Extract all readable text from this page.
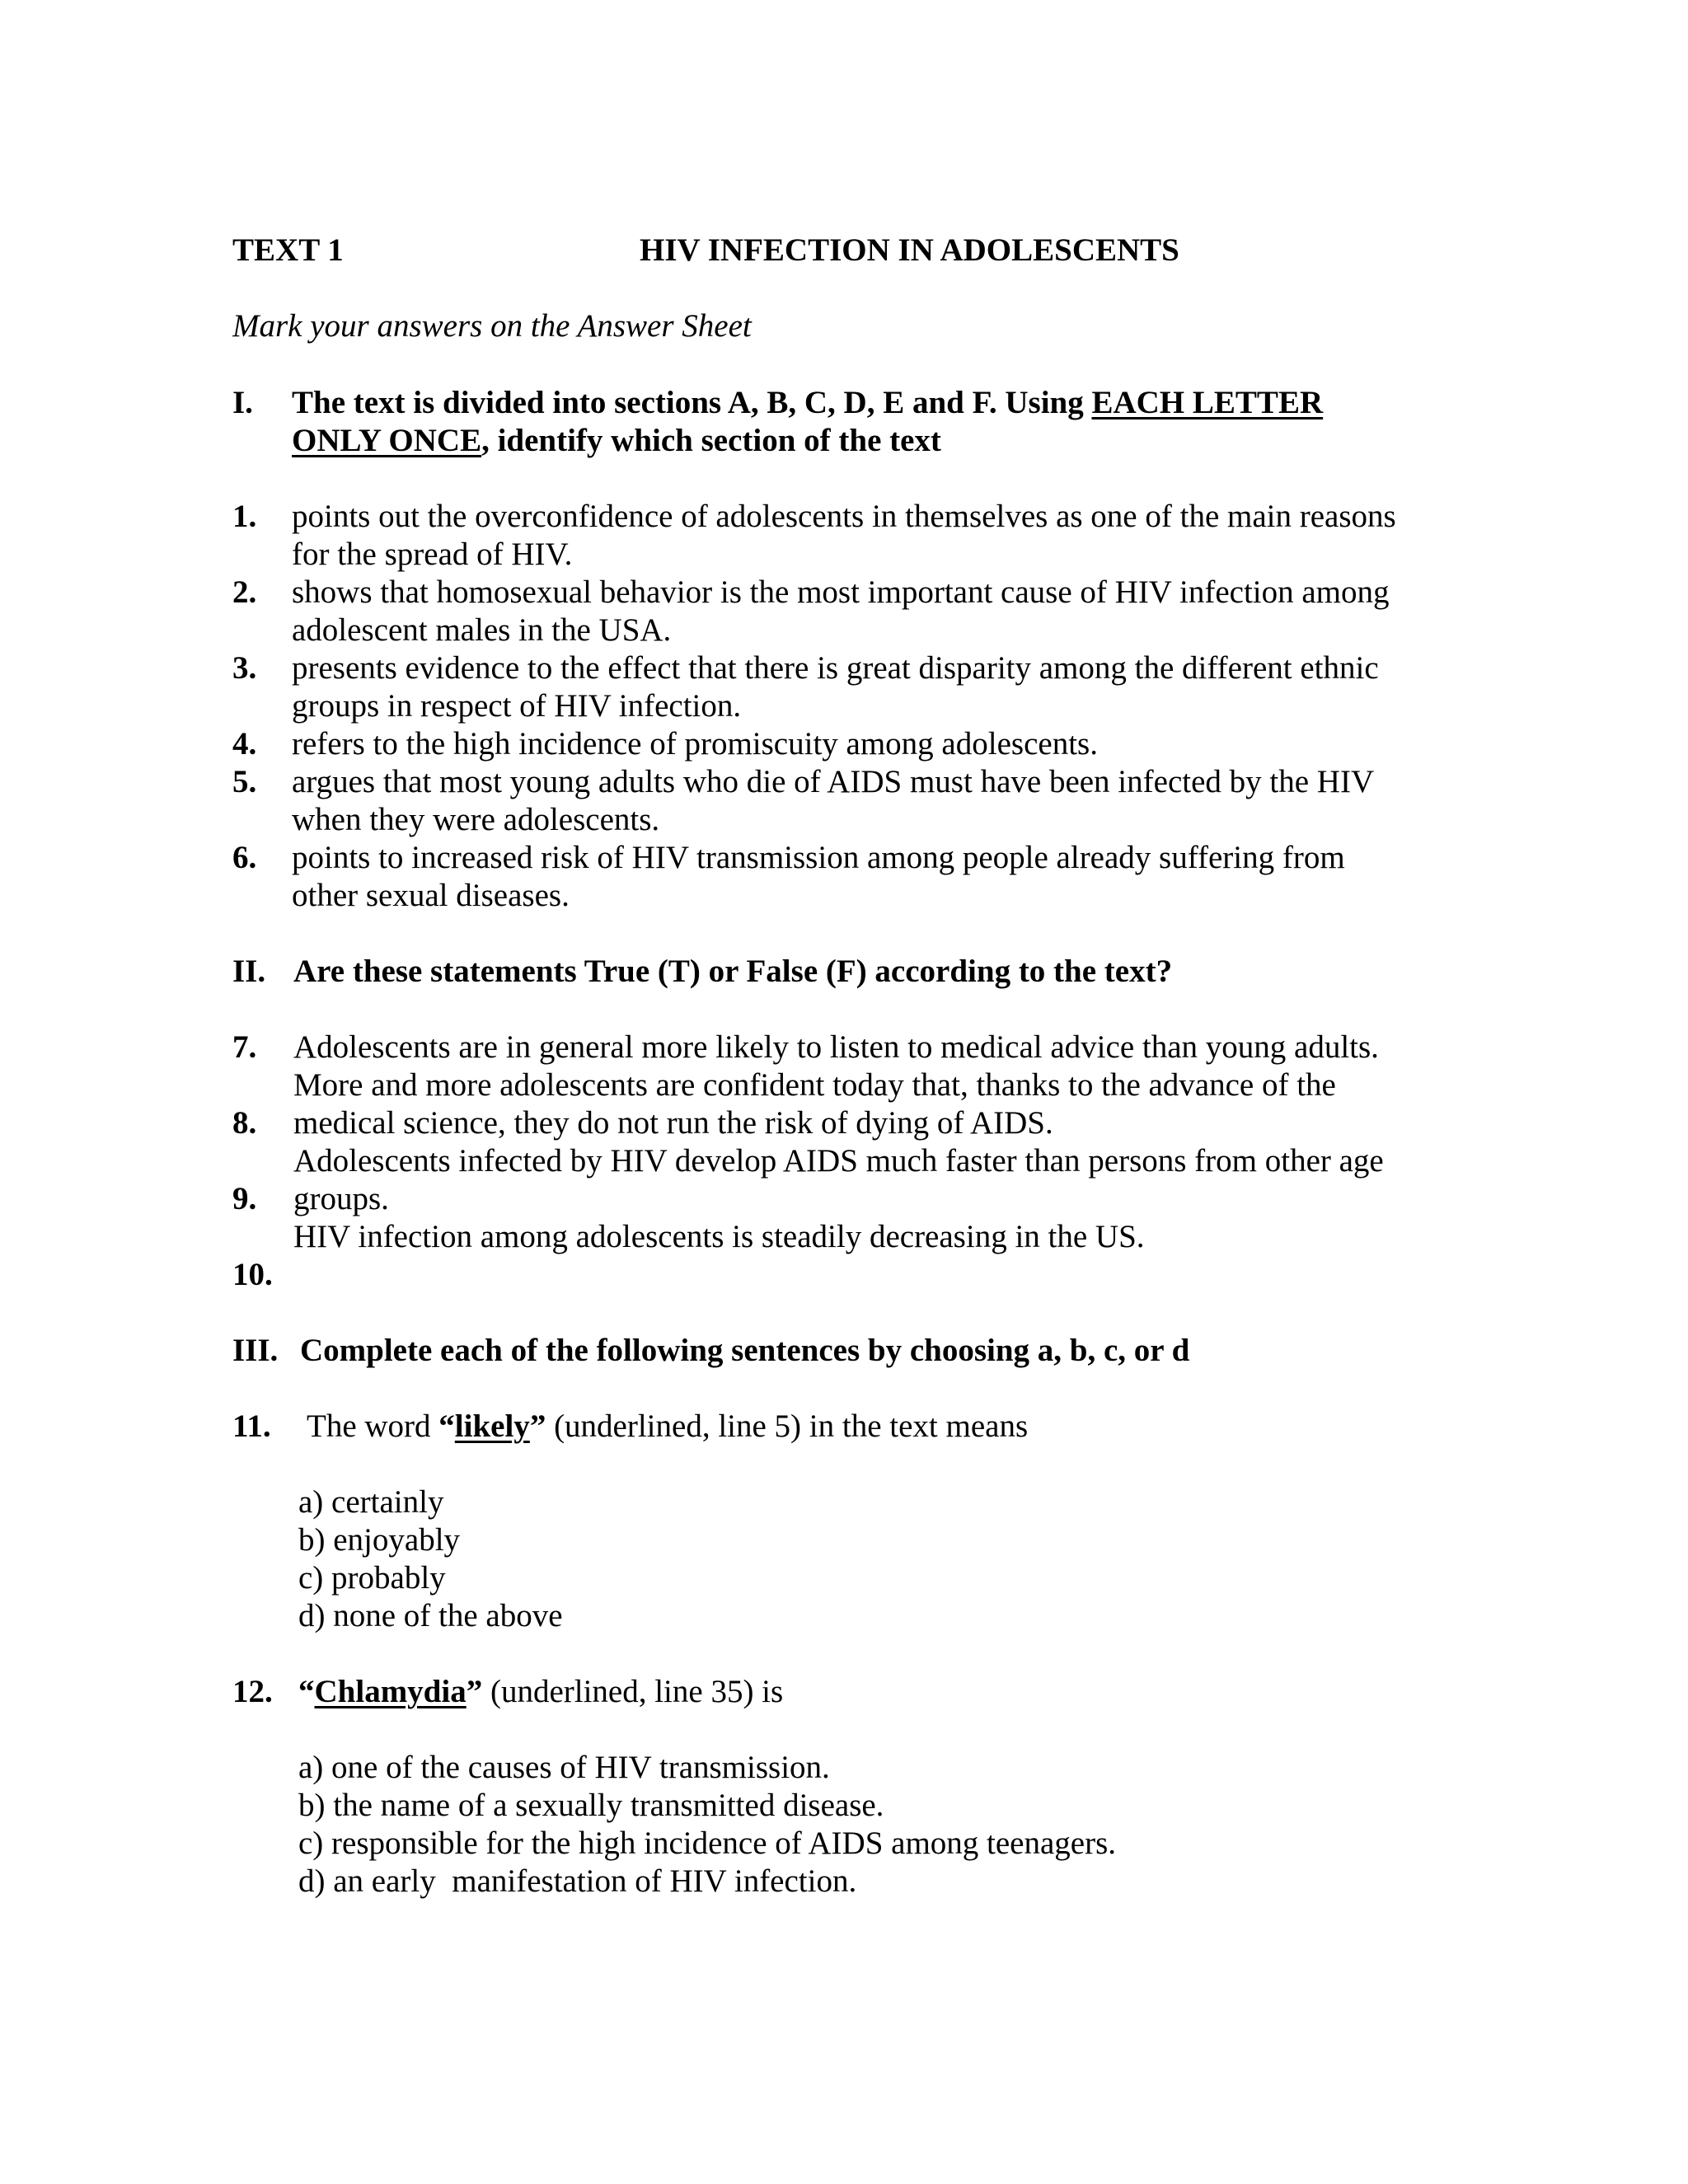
TEXT 1	HIV INFECTION IN ADOLESCENTS
Mark your answers on the Answer Sheet
I. The text is divided into sections A, B, C, D, E and F. Using EACH LETTER
ONLY ONCE, identify which section of the text
1. points out the overconfidence of adolescents in themselves as one of the main reasons
for the spread of HIV.
2. shows that homosexual behavior is the most important cause of HIV infection among
adolescent males in the USA.
3. presents evidence to the effect that there is great disparity among the different ethnic
groups in respect of HIV infection.
4. refers to the high incidence of promiscuity among adolescents.
5. argues that most young adults who die of AIDS must have been infected by the HIV
when they were adolescents.
6. points to increased risk of HIV transmission among people already suffering from
other sexual diseases.
II. Are these statements True (T) or False (F) according to the text?
7.
8.
9.
10.
Adolescents are in general more likely to listen to medical advice than young adults.
More and more adolescents are confident today that, thanks to the advance of the
medical science, they do not run the risk of dying of AIDS.
Adolescents infected by HIV develop AIDS much faster than persons from other age
groups.
HIV infection among adolescents is steadily decreasing in the US.
III. Complete each of the following sentences by choosing a, b, c, or d
11. The word “likely” (underlined, line 5) in the text means
a) certainly
b) enjoyably
c) probably
d) none of the above
12. “Chlamydia” (underlined, line 35) is
a) one of the causes of HIV transmission.
b) the name of a sexually transmitted disease.
c) responsible for the high incidence of AIDS among teenagers.
d) an early  manifestation of HIV infection.
